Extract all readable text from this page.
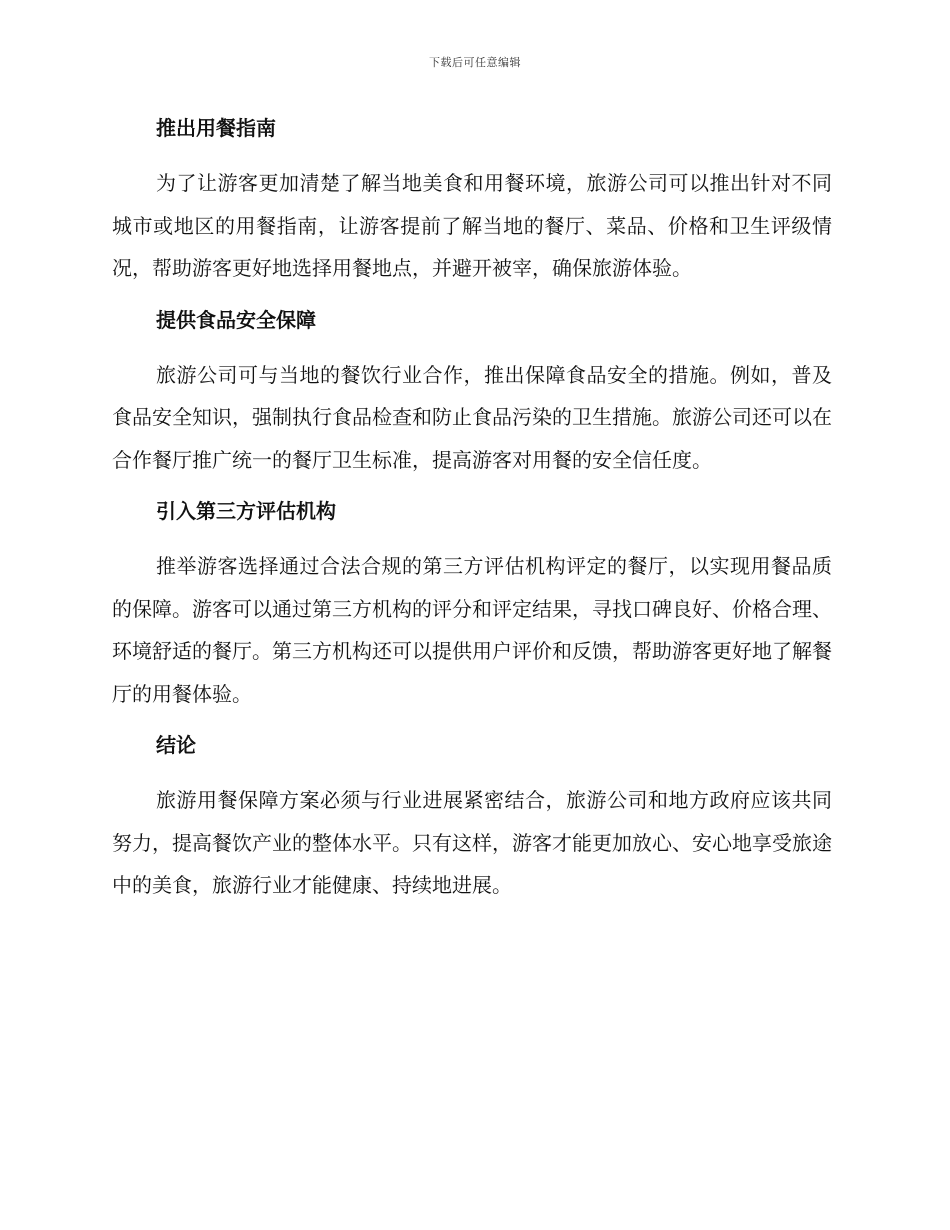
下载后可任意编辑
推出用餐指南

为了让游客更加清楚了解当地美食和用餐环境，旅游公司可以推出针对不同城市或地区的用餐指南，让游客提前了解当地的餐厅、菜品、价格和卫生评级情况，帮助游客更好地选择用餐地点，并避开被宰，确保旅游体验。

提供食品安全保障

旅游公司可与当地的餐饮行业合作，推出保障食品安全的措施。例如，普及食品安全知识，强制执行食品检查和防止食品污染的卫生措施。旅游公司还可以在合作餐厅推广统一的餐厅卫生标准，提高游客对用餐的安全信任度。

引入第三方评估机构

推举游客选择通过合法合规的第三方评估机构评定的餐厅，以实现用餐品质的保障。游客可以通过第三方机构的评分和评定结果，寻找口碑良好、价格合理、环境舒适的餐厅。第三方机构还可以提供用户评价和反馈，帮助游客更好地了解餐厅的用餐体验。

结论

旅游用餐保障方案必须与行业进展紧密结合，旅游公司和地方政府应该共同努力，提高餐饮产业的整体水平。只有这样，游客才能更加放心、安心地享受旅途中的美食，旅游行业才能健康、持续地进展。
